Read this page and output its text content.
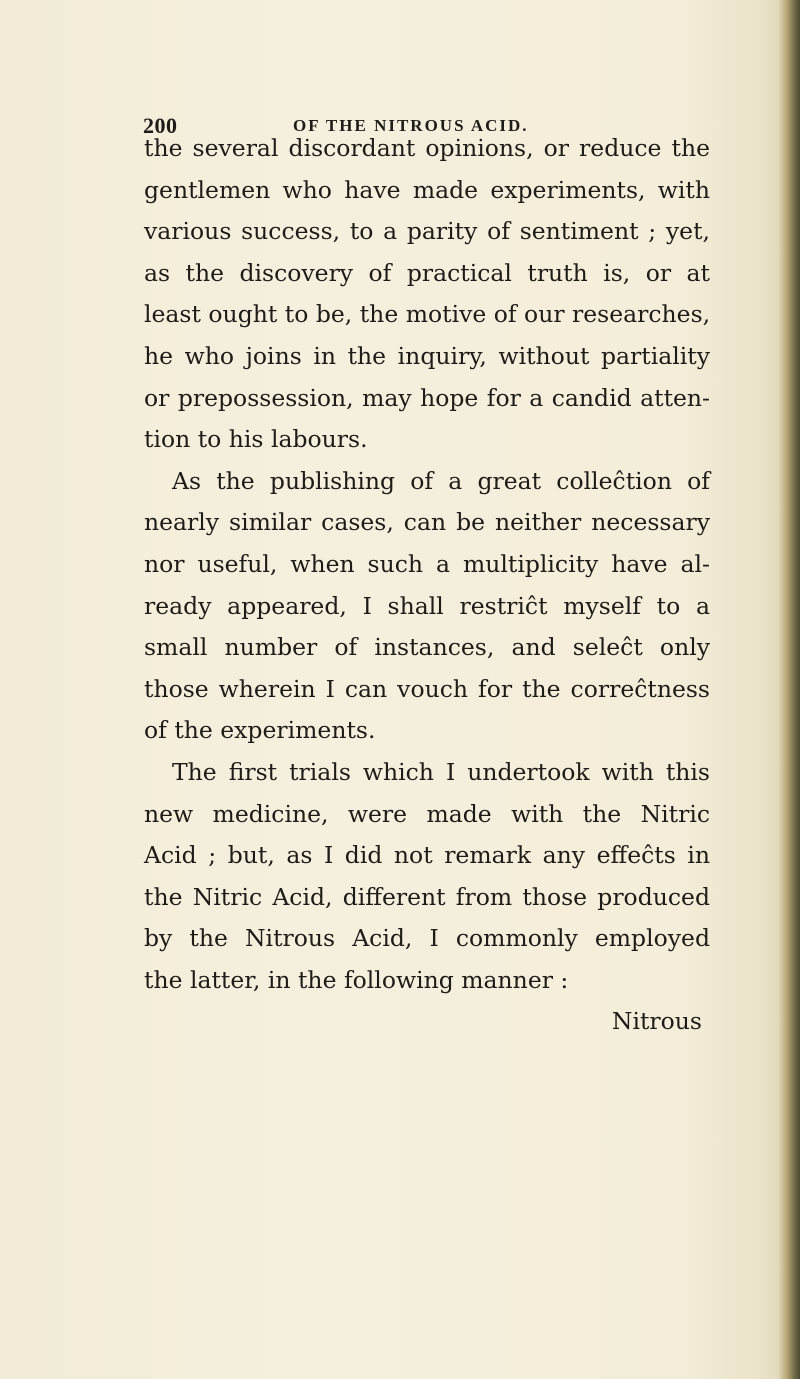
200	OF THE NITROUS ACID.
the several discordant opinions, or reduce the
gentlemen who have made experiments, with
various success, to a parity of sentiment ; yet,
as the discovery of practical truth is, or at
least ought to be, the motive of our researches,
he who joins in the inquiry, without partiality
or prepossession, may hope for a candid atten-
tion to his labours.
As the publishing of a great colleĉtion of
nearly similar cases, can be neither necessary
nor useful, when such a multiplicity have al-
ready appeared, I shall restriĉt myself to a
small number of instances, and seleĉt only
those wherein I can vouch for the correĉtness
of the experiments.
The first trials which I undertook with this
new medicine, were made with the Nitric
Acid ; but, as I did not remark any effeĉts in
the Nitric Acid, different from those produced
by the Nitrous Acid, I commonly employed
the latter, in the following manner :
Nitrous
